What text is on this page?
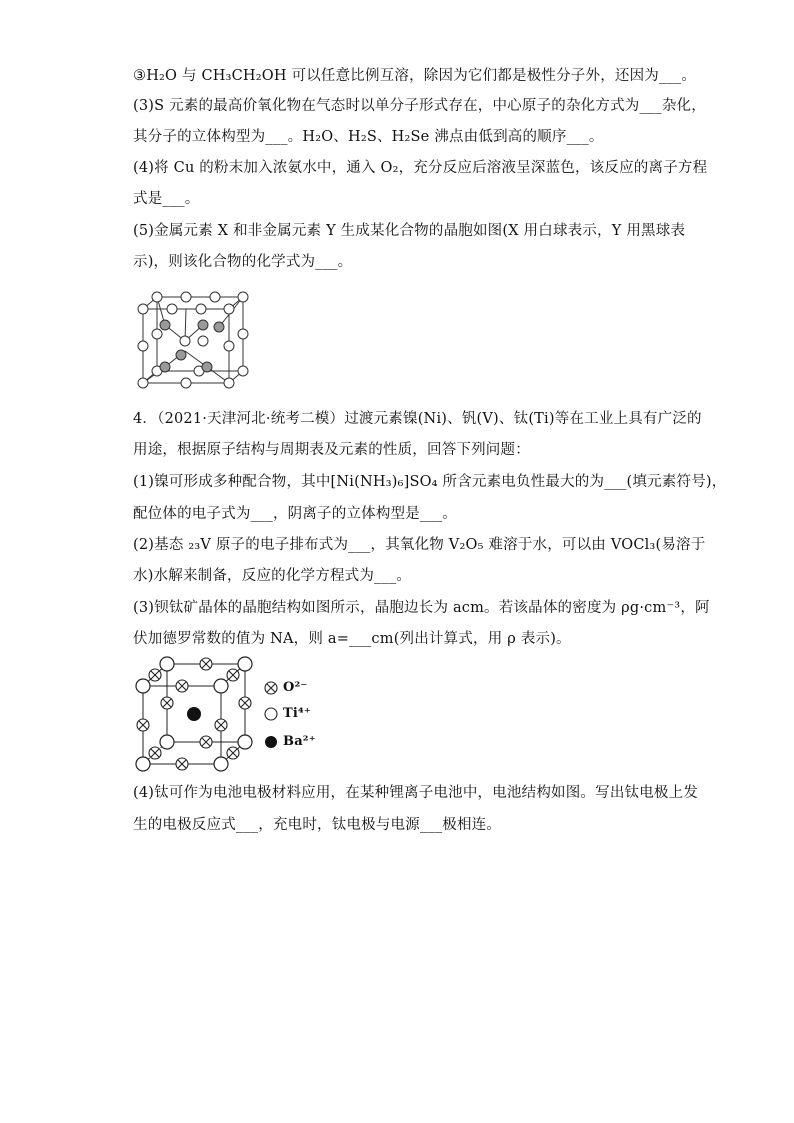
③H₂O 与 CH₃CH₂OH 可以任意比例互溶，除因为它们都是极性分子外，还因为___。
(3)S 元素的最高价氧化物在气态时以单分子形式存在，中心原子的杂化方式为___杂化，
其分子的立体构型为___。H₂O、H₂S、H₂Se 沸点由低到高的顺序___。
(4)将 Cu 的粉末加入浓氨水中，通入 O₂，充分反应后溶液呈深蓝色，该反应的离子方程
式是___。
(5)金属元素 X 和非金属元素 Y 生成某化合物的晶胞如图(X 用白球表示，Y 用黑球表
示)，则该化合物的化学式为___。
4．（2021·天津河北·统考二模）过渡元素镍(Ni)、钒(V)、钛(Ti)等在工业上具有广泛的
用途，根据原子结构与周期表及元素的性质，回答下列问题：
(1)镍可形成多种配合物，其中[Ni(NH₃)₆]SO₄ 所含元素电负性最大的为___(填元素符号)，
配位体的电子式为___，阴离子的立体构型是___。
(2)基态 ₂₃V 原子的电子排布式为___，其氧化物 V₂O₅ 难溶于水，可以由 VOCl₃(易溶于
水)水解来制备，反应的化学方程式为___。
(3)钡钛矿晶体的晶胞结构如图所示，晶胞边长为 acm。若该晶体的密度为 ρg·cm⁻³，阿
伏加德罗常数的值为 NA，则 a=___cm(列出计算式，用 ρ 表示)。
O²⁻
Ti⁴⁺
Ba²⁺
(4)钛可作为电池电极材料应用，在某种锂离子电池中，电池结构如图。写出钛电极上发
生的电极反应式___，充电时，钛电极与电源___极相连。
